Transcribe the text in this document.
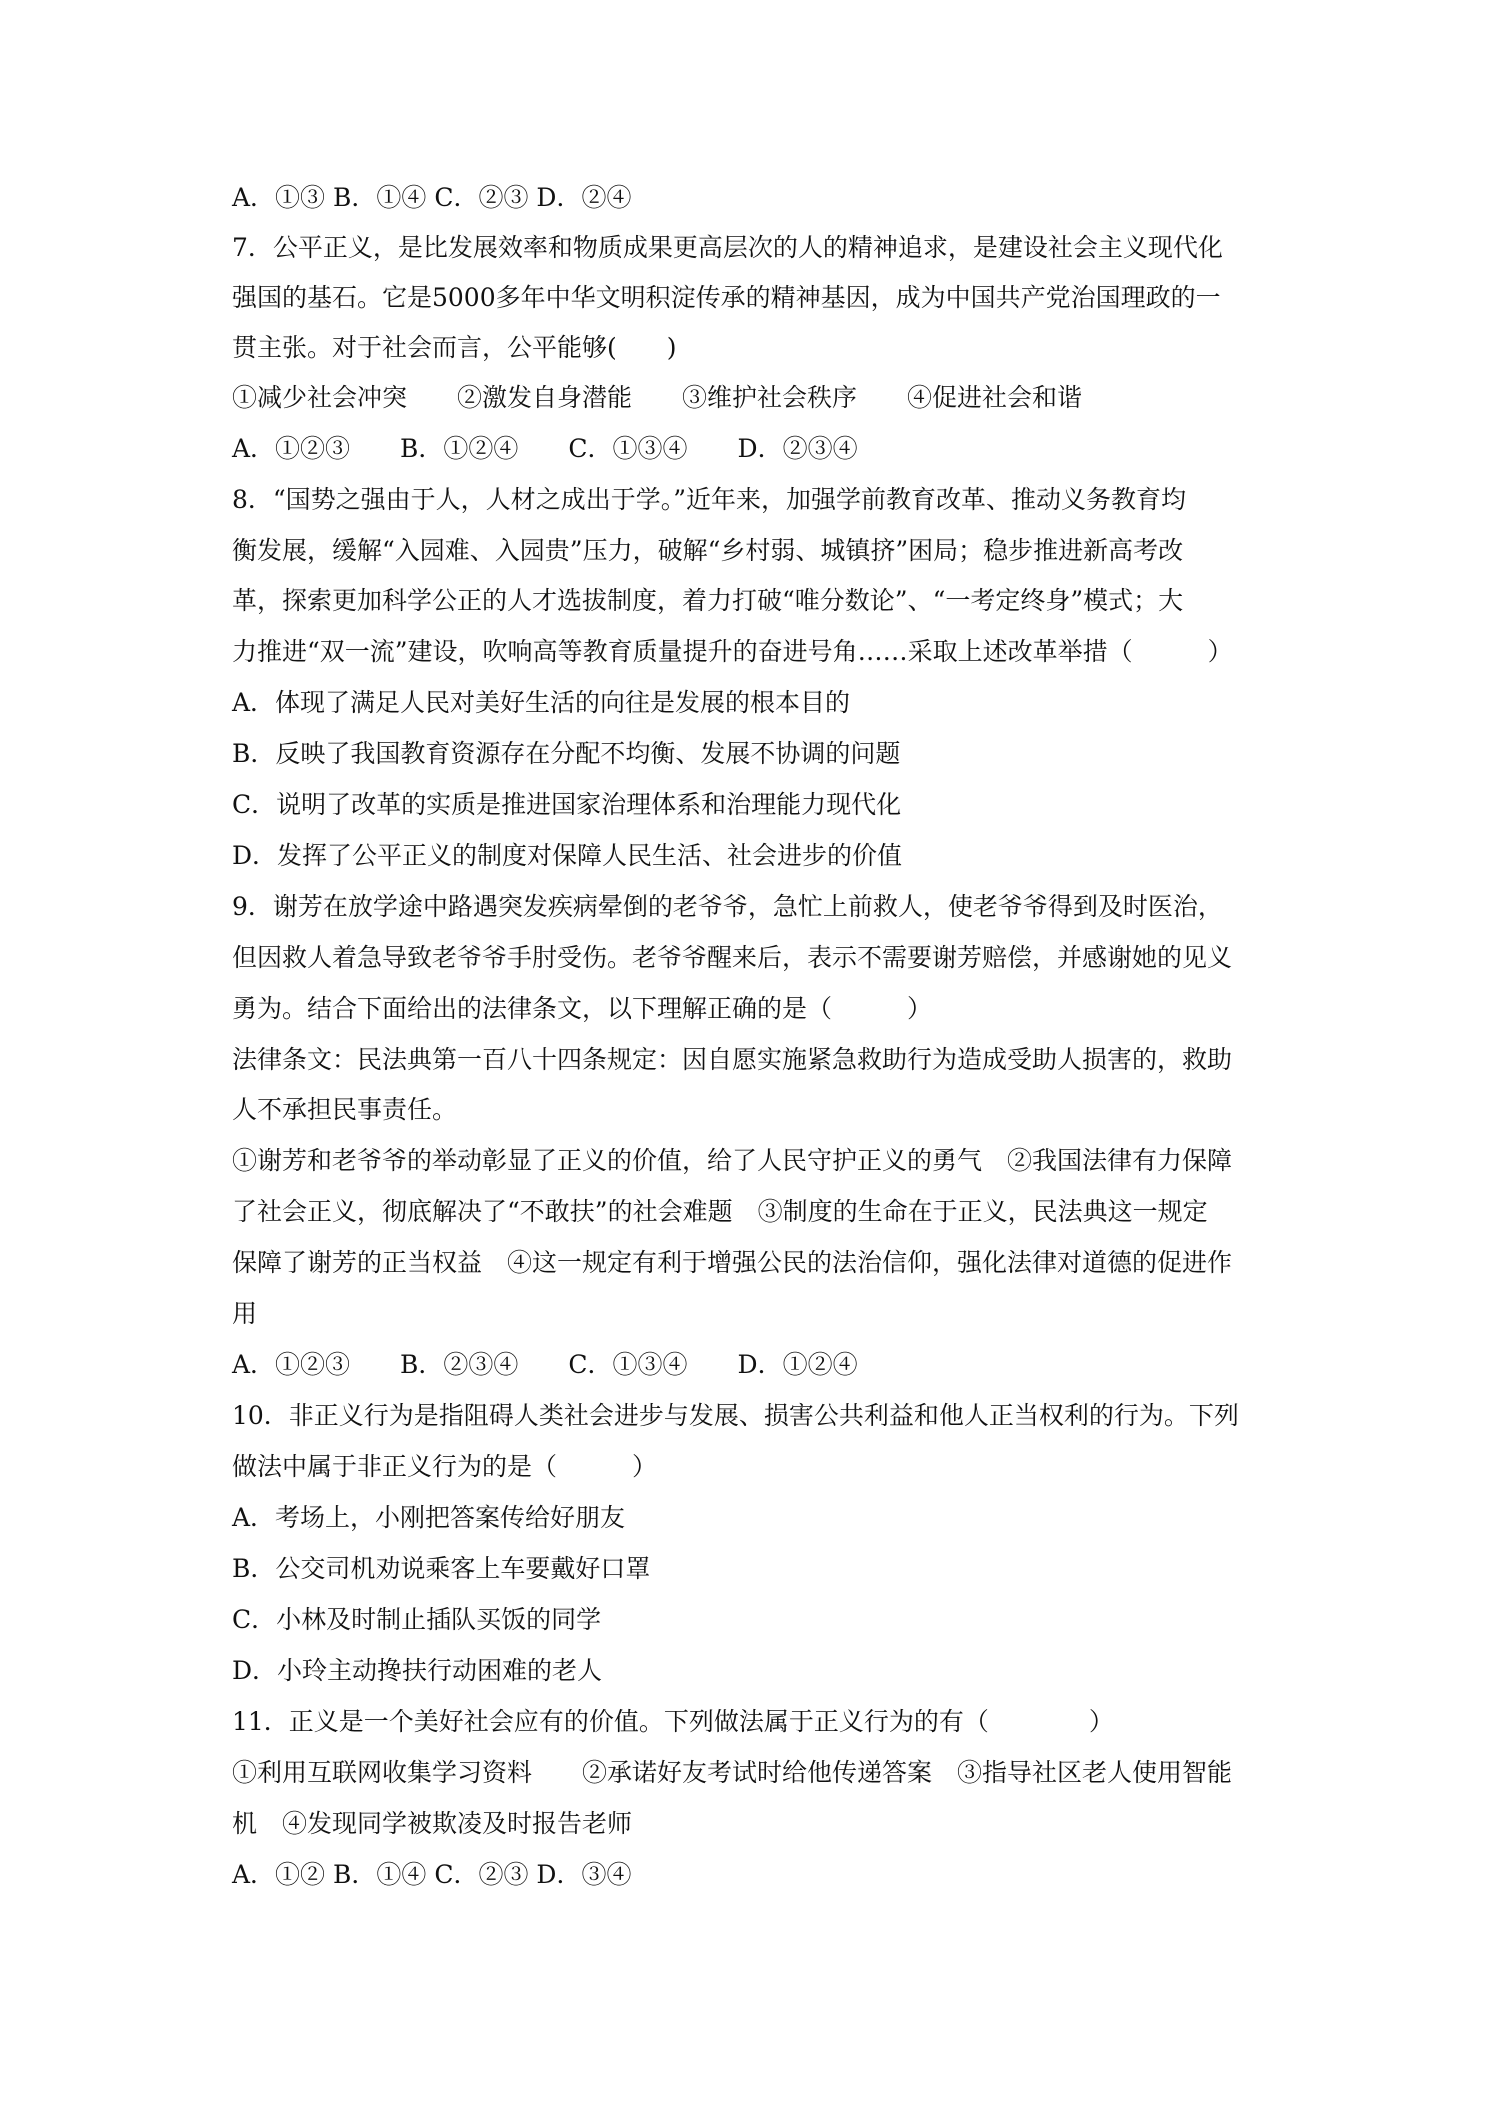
A．①③ B．①④ C．②③ D．②④
7．公平正义，是比发展效率和物质成果更高层次的人的精神追求，是建设社会主义现代化
强国的基石。它是5000多年中华文明积淀传承的精神基因，成为中国共产党治国理政的一
贯主张。对于社会而言，公平能够(　　)
①减少社会冲突　　②激发自身潜能　　③维护社会秩序　　④促进社会和谐
A．①②③　　B．①②④　　C．①③④　　D．②③④
8．“国势之强由于人，人材之成出于学。”近年来，加强学前教育改革、推动义务教育均
衡发展，缓解“入园难、入园贵”压力，破解“乡村弱、城镇挤”困局；稳步推进新高考改
革，探索更加科学公正的人才选拔制度，着力打破“唯分数论”、“一考定终身”模式；大
力推进“双一流”建设，吹响高等教育质量提升的奋进号角……采取上述改革举措（　　　）
A．体现了满足人民对美好生活的向往是发展的根本目的
B．反映了我国教育资源存在分配不均衡、发展不协调的问题
C．说明了改革的实质是推进国家治理体系和治理能力现代化
D．发挥了公平正义的制度对保障人民生活、社会进步的价值
9．谢芳在放学途中路遇突发疾病晕倒的老爷爷，急忙上前救人，使老爷爷得到及时医治，
但因救人着急导致老爷爷手肘受伤。老爷爷醒来后，表示不需要谢芳赔偿，并感谢她的见义
勇为。结合下面给出的法律条文，以下理解正确的是（　　　）
法律条文：民法典第一百八十四条规定：因自愿实施紧急救助行为造成受助人损害的，救助
人不承担民事责任。
①谢芳和老爷爷的举动彰显了正义的价值，给了人民守护正义的勇气　②我国法律有力保障
了社会正义，彻底解决了“不敢扶”的社会难题　③制度的生命在于正义，民法典这一规定
保障了谢芳的正当权益　④这一规定有利于增强公民的法治信仰，强化法律对道德的促进作
用
A．①②③　　B．②③④　　C．①③④　　D．①②④
10．非正义行为是指阻碍人类社会进步与发展、损害公共利益和他人正当权利的行为。下列
做法中属于非正义行为的是（　　　）
A．考场上，小刚把答案传给好朋友
B．公交司机劝说乘客上车要戴好口罩
C．小林及时制止插队买饭的同学
D．小玲主动搀扶行动困难的老人
11．正义是一个美好社会应有的价值。下列做法属于正义行为的有（　　　　）
①利用互联网收集学习资料　　②承诺好友考试时给他传递答案　③指导社区老人使用智能
机　④发现同学被欺凌及时报告老师
A．①② B．①④ C．②③ D．③④
